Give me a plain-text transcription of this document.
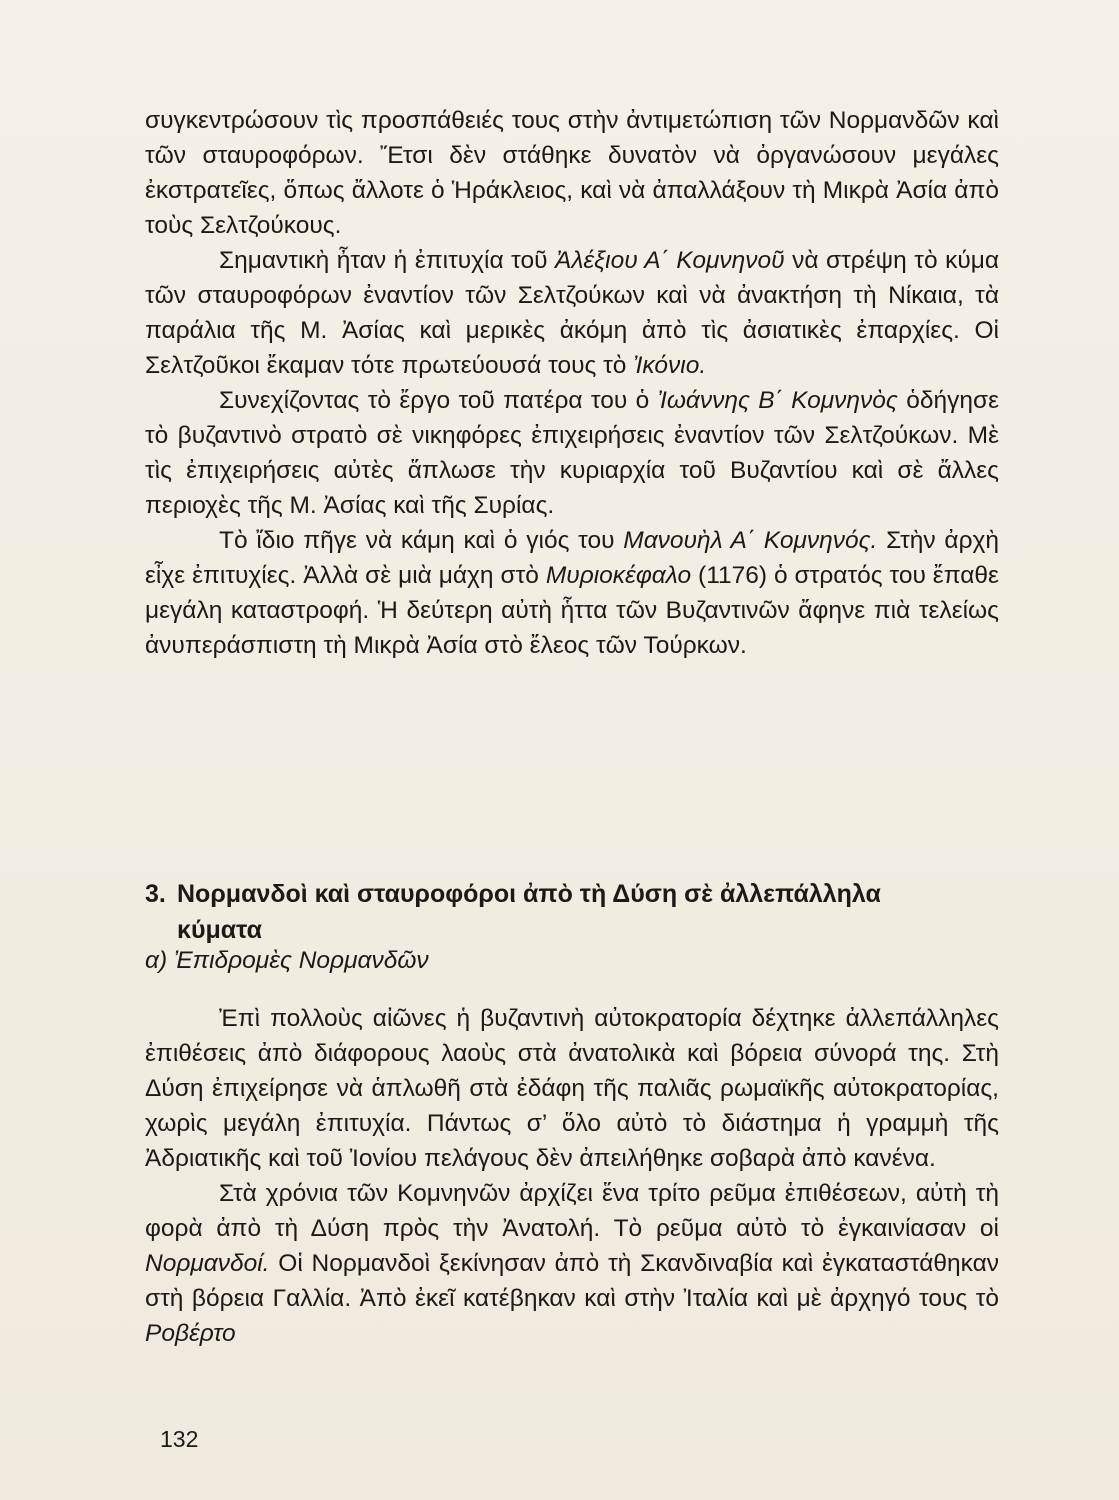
συγκεντρώσουν τὶς προσπάθειές τους στὴν ἀντιμετώπιση τῶν Νορμανδῶν καὶ τῶν σταυροφόρων. Ἔτσι δὲν στάθηκε δυνατὸν νὰ ὀργανώσουν μεγάλες ἐκστρατεῖες, ὅπως ἄλλοτε ὁ Ἡράκλειος, καὶ νὰ ἀπαλλάξουν τὴ Μικρὰ Ἀσία ἀπὸ τοὺς Σελτζούκους.

Σημαντικὴ ἦταν ἡ ἐπιτυχία τοῦ Ἀλέξιου Α΄ Κομνηνοῦ νὰ στρέψη τὸ κύμα τῶν σταυροφόρων ἐναντίον τῶν Σελτζούκων καὶ νὰ ἀνακτήση τὴ Νίκαια, τὰ παράλια τῆς Μ. Ἀσίας καὶ μερικὲς ἀκόμη ἀπὸ τὶς ἀσιατικὲς ἐπαρχίες. Οἱ Σελτζοῦκοι ἔκαμαν τότε πρωτεύουσά τους τὸ Ἰκόνιο.

Συνεχίζοντας τὸ ἔργο τοῦ πατέρα του ὁ Ἰωάννης Β΄ Κομνηνὸς ὁδήγησε τὸ βυζαντινὸ στρατὸ σὲ νικηφόρες ἐπιχειρήσεις ἐναντίον τῶν Σελτζούκων. Μὲ τὶς ἐπιχειρήσεις αὐτὲς ἅπλωσε τὴν κυριαρχία τοῦ Βυζαντίου καὶ σὲ ἄλλες περιοχὲς τῆς Μ. Ἀσίας καὶ τῆς Συρίας.

Τὸ ἴδιο πῆγε νὰ κάμη καὶ ὁ γιός του Μανουὴλ Α΄ Κομνηνός. Στὴν ἀρχὴ εἶχε ἐπιτυχίες. Ἀλλὰ σὲ μιὰ μάχη στὸ Μυριοκέφαλο (1176) ὁ στρατός του ἔπαθε μεγάλη καταστροφή. Ἡ δεύτερη αὐτὴ ἧττα τῶν Βυζαντινῶν ἄφηνε πιὰ τελείως ἀνυπεράσπιστη τὴ Μικρὰ Ἀσία στὸ ἔλεος τῶν Τούρκων.

3. Νορμανδοὶ καὶ σταυροφόροι ἀπὸ τὴ Δύση σὲ ἀλλεπάλληλα
κύματα
α) Ἐπιδρομὲς Νορμανδῶν

Ἐπὶ πολλοὺς αἰῶνες ἡ βυζαντινὴ αὐτοκρατορία δέχτηκε ἀλλεπάλληλες ἐπιθέσεις ἀπὸ διάφορους λαοὺς στὰ ἀνατολικὰ καὶ βόρεια σύνορά της. Στὴ Δύση ἐπιχείρησε νὰ ἁπλωθῆ στὰ ἐδάφη τῆς παλιᾶς ρωμαϊκῆς αὐτοκρατορίας, χωρὶς μεγάλη ἐπιτυχία. Πάντως σ’ ὅλο αὐτὸ τὸ διάστημα ἡ γραμμὴ τῆς Ἀδριατικῆς καὶ τοῦ Ἰονίου πελάγους δὲν ἀπειλήθηκε σοβαρὰ ἀπὸ κανένα.

Στὰ χρόνια τῶν Κομνηνῶν ἀρχίζει ἕνα τρίτο ρεῦμα ἐπιθέσεων, αὐτὴ τὴ φορὰ ἀπὸ τὴ Δύση πρὸς τὴν Ἀνατολή. Τὸ ρεῦμα αὐτὸ τὸ ἐγκαινίασαν οἱ Νορμανδοί. Οἱ Νορμανδοὶ ξεκίνησαν ἀπὸ τὴ Σκανδιναβία καὶ ἐγκαταστάθηκαν στὴ βόρεια Γαλλία. Ἀπὸ ἐκεῖ κατέβηκαν καὶ στὴν Ἰταλία καὶ μὲ ἀρχηγό τους τὸ Ροβέρτο

132
